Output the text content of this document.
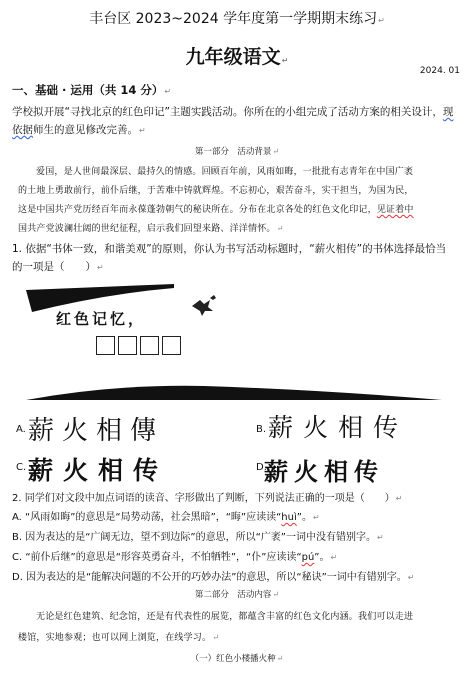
丰台区 2023~2024 学年度第一学期期末练习↵
九年级语文↵
2024. 01
一、基础 · 运用（共 14 分）↵
学校拟开展“寻找北京的红色印记”主题实践活动。你所在的小组完成了活动方案的相关设计，现
依据师生的意见修改完善。↵
第一部分　活动背景↵
爱国，是人世间最深层、最持久的情感。回顾百年前，风雨如晦，一批批有志青年在中国广袤
的土地上勇敢前行，前仆后继，于苦难中铸就辉煌。不忘初心，艰苦奋斗，实干担当，为国为民，
这是中国共产党历经百年而永葆蓬勃朝气的秘诀所在。分布在北京各处的红色文化印记，见证着中
国共产党波澜壮阔的世纪征程，启示我们回望来路、洋洋情怀。↵
1. 依据“书体一致，和谐美观”的原则，你认为书写活动标题时，“薪火相传”的书体选择最恰当
的一项是（　　）↵
红色记忆，
A. 薪火相傳	B. 薪火相传
C. 薪火相传	D.
薪火相传
2. 同学们对文段中加点词语的读音、字形做出了判断，下列说法正确的一项是（　　）↵
A. “风雨如晦”的意思是“局势动荡，社会黑暗”，“晦”应读读“huì”。↵
B. 因为表达的是“广阔无边，望不到边际”的意思，所以“广袤”一词中没有错别字。↵
C. “前仆后继”的意思是“形容英勇奋斗，不怕牺牲”，“仆”应读读“pú”。↵
D. 因为表达的是“能解决问题的不公开的巧妙办法”的意思，所以“秘诀”一词中有错别字。↵
第二部分　活动内容↵
无论是红色建筑、纪念馆，还是有代表性的展览，都蕴含丰富的红色文化内涵。我们可以走进
楼馆，实地参观；也可以网上浏览，在线学习。↵
（一）红色小楼播火种↵
